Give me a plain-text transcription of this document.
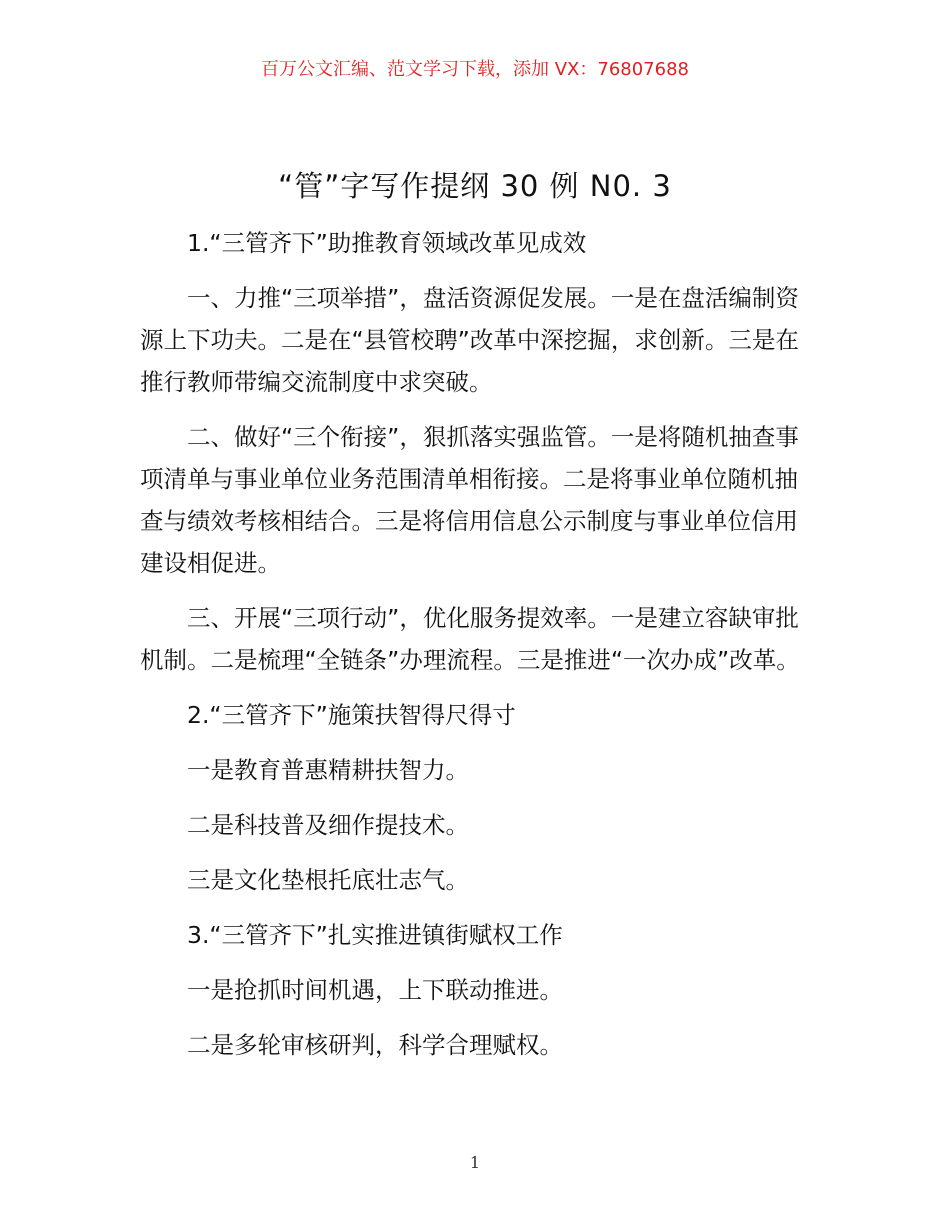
百万公文汇编、范文学习下载，添加 VX：76807688
“管”字写作提纲 30 例 N0. 3

1.“三管齐下”助推教育领域改革见成效

一、力推“三项举措”，盘活资源促发展。一是在盘活编制资源上下功夫。二是在“县管校聘”改革中深挖掘，求创新。三是在推行教师带编交流制度中求突破。

二、做好“三个衔接”，狠抓落实强监管。一是将随机抽查事项清单与事业单位业务范围清单相衔接。二是将事业单位随机抽查与绩效考核相结合。三是将信用信息公示制度与事业单位信用建设相促进。

三、开展“三项行动”，优化服务提效率。一是建立容缺审批机制。二是梳理“全链条”办理流程。三是推进“一次办成”改革。

2.“三管齐下”施策扶智得尺得寸

一是教育普惠精耕扶智力。

二是科技普及细作提技术。

三是文化垫根托底壮志气。

3.“三管齐下”扎实推进镇街赋权工作

一是抢抓时间机遇，上下联动推进。

二是多轮审核研判，科学合理赋权。

1
